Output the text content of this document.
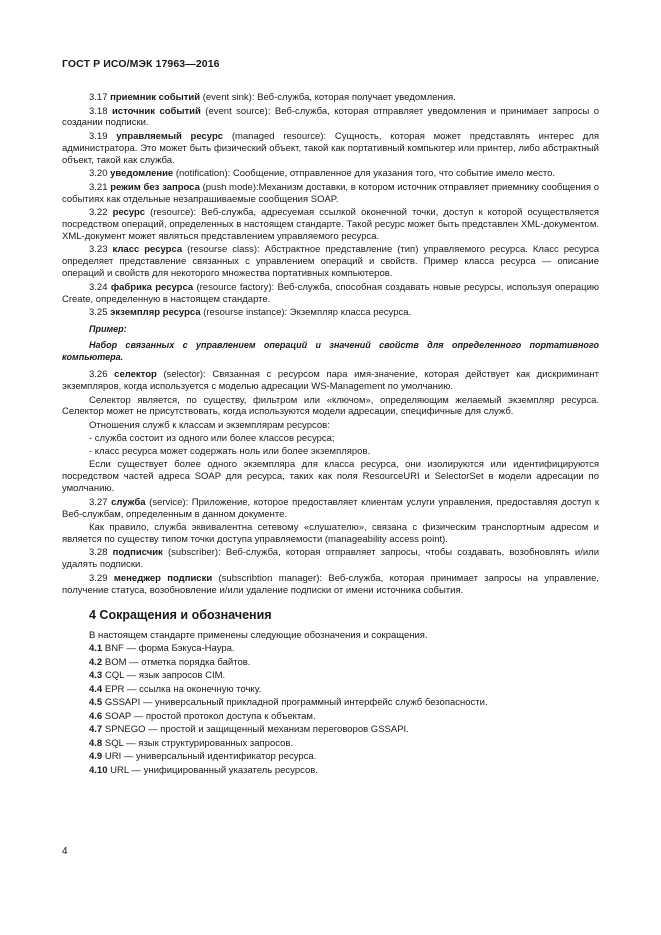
ГОСТ Р ИСО/МЭК 17963—2016

3.17 приемник событий (event sink): Веб-служба, которая получает уведомления.

3.18 источник событий (event source): Веб-служба, которая отправляет уведомления и принимает запросы о создании подписки.

3.19 управляемый ресурс (managed resource): Сущность, которая может представлять интерес для администратора. Это может быть физический объект, такой как портативный компьютер или принтер, либо абстрактный объект, такой как служба.

3.20 уведомление (notification): Сообщение, отправленное для указания того, что событие имело место.

3.21 режим без запроса (push mode):Механизм доставки, в котором источник отправляет приемнику сообщения о событиях как отдельные незапрашиваемые сообщения SOAP.

3.22 ресурс (resource): Веб-служба, адресуемая ссылкой оконечной точки, доступ к которой осуществляется посредством операций, определенных в настоящем стандарте. Такой ресурс может быть представлен XML-документом. XML-документ может являться представлением управляемого ресурса.

3.23 класс ресурса (resourse class): Абстрактное представление (тип) управляемого ресурса. Класс ресурса определяет представление связанных с управлением операций и свойств. Пример класса ресурса — описание операций и свойств для некоторого множества портативных компьютеров.

3.24 фабрика ресурса (resource factory): Веб-служба, способная создавать новые ресурсы, используя операцию Create, определенную в настоящем стандарте.

3.25 экземпляр ресурса (resourse instance): Экземпляр класса ресурса.

Пример:

Набор связанных с управлением операций и значений свойств для определенного портативного компьютера.

3.26 селектор (selector): Связанная с ресурсом пара имя-значение, которая действует как дискриминант экземпляров, когда используется с моделью адресации WS-Management по умолчанию.

Селектор является, по существу, фильтром или «ключом», определяющим желаемый экземпляр ресурса. Селектор может не присутствовать, когда используются модели адресации, специфичные для служб.

Отношения служб к классам и экземплярам ресурсов:

- служба состоит из одного или более классов ресурса;

- класс ресурса может содержать ноль или более экземпляров.

Если существует более одного экземпляра для класса ресурса, они изолируются или идентифицируются посредством частей адреса SOAP для ресурса, таких как поля ResourceURI и SelectorSet в модели адресации по умолчанию.

3.27 служба (service): Приложение, которое предоставляет клиентам услуги управления, предоставляя доступ к Веб-службам, определенным в данном документе.

Как правило, служба эквивалентна сетевому «слушателю», связана с физическим транспортным адресом и является по существу типом точки доступа управляемости (manageability access point).

3.28 подписчик (subscriber): Веб-служба, которая отправляет запросы, чтобы создавать, возобновлять и/или удалять подписки.

3.29 менеджер подписки (subscribtion manager): Веб-служба, которая принимает запросы на управление, получение статуса, возобновление и/или удаление подписки от имени источника события.

4 Сокращения и обозначения

В настоящем стандарте применены следующие обозначения и сокращения.

4.1 BNF — форма Бэкуса-Наура.

4.2 BOM — отметка порядка байтов.

4.3 CQL — язык запросов CIM.

4.4 EPR — ссылка на оконечную точку.

4.5 GSSAPI — универсальный прикладной программный интерфейс служб безопасности.

4.6 SOAP — простой протокол доступа к объектам.

4.7 SPNEGO — простой и защищенный механизм переговоров GSSAPI.

4.8 SQL — язык структурированных запросов.

4.9 URI — универсальный идентификатор ресурса.

4.10 URL — унифицированный указатель ресурсов.

4
